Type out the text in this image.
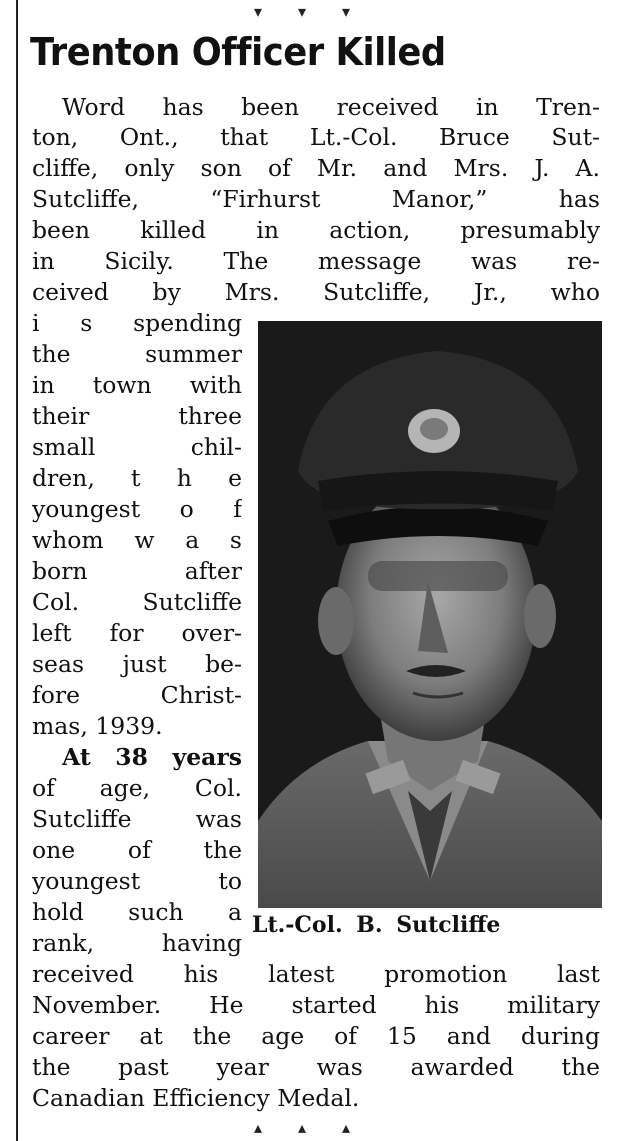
▾▾▾
Trenton Officer Killed
Word has been received in Tren-
ton, Ont., that Lt.-Col. Bruce Sut-
cliffe, only son of Mr. and Mrs. J. A.
Sutcliffe, “Firhurst Manor,” has
been killed in action, presumably
in Sicily. The message was re-
ceived by Mrs. Sutcliffe, Jr., who
i s spending
the summer
in town with
their three
small chil-
dren, t h e
youngest o f
whom w a s
born after
Col. Sutcliffe
left for over-
seas just be-
fore Christ-
mas, 1939.
At 38 years
of age, Col.
Sutcliffe was
one of the
youngest to
hold such a
rank, having
received his latest promotion last
November. He started his military
career at the age of 15 and during
the past year was awarded the
Canadian Efficiency Medal.
Lt.-Col. B. Sutcliffe
▴▴▴
